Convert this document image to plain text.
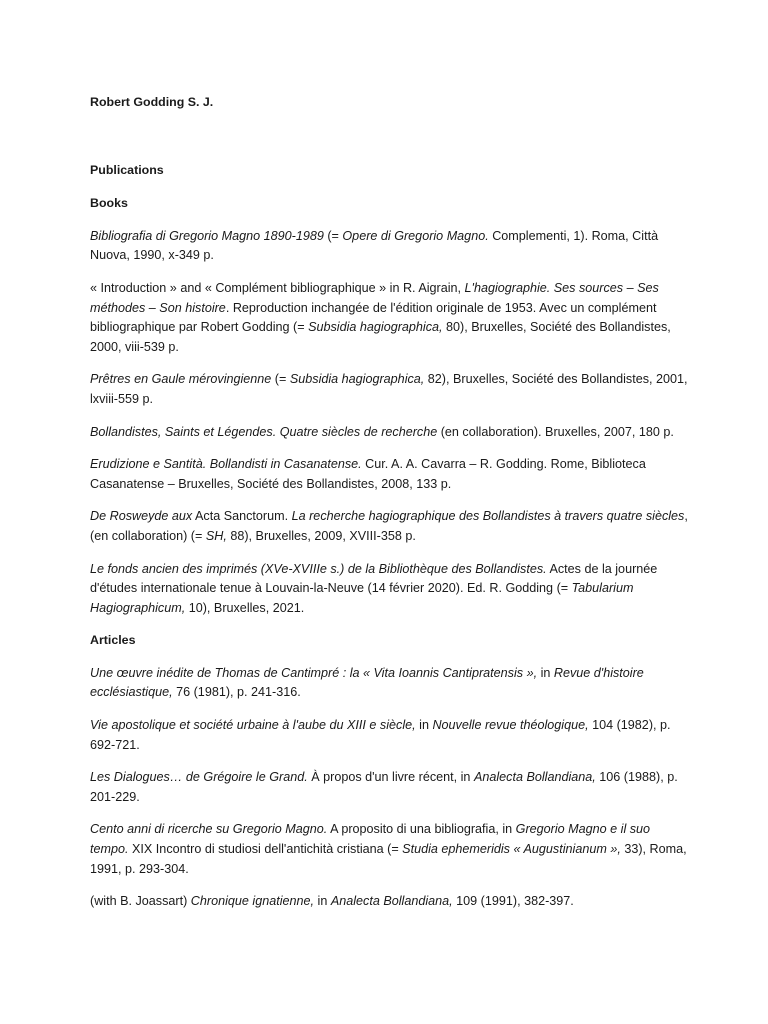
Robert Godding S. J.

Publications

Books

Bibliografia di Gregorio Magno 1890-1989 (= Opere di Gregorio Magno. Complementi, 1). Roma, Città Nuova, 1990, x-349 p.

« Introduction » and « Complément bibliographique » in R. Aigrain, L'hagiographie. Ses sources – Ses méthodes – Son histoire. Reproduction inchangée de l'édition originale de 1953. Avec un complément bibliographique par Robert Godding (= Subsidia hagiographica, 80), Bruxelles, Société des Bollandistes, 2000, viii-539 p.

Prêtres en Gaule mérovingienne (= Subsidia hagiographica, 82), Bruxelles, Société des Bollandistes, 2001, lxviii-559 p.

Bollandistes, Saints et Légendes. Quatre siècles de recherche (en collaboration). Bruxelles, 2007, 180 p.

Erudizione e Santità. Bollandisti in Casanatense. Cur. A. A. Cavarra – R. Godding. Rome, Biblioteca Casanatense – Bruxelles, Société des Bollandistes, 2008, 133 p.

De Rosweyde aux Acta Sanctorum. La recherche hagiographique des Bollandistes à travers quatre siècles, (en collaboration) (= SH, 88), Bruxelles, 2009, XVIII-358 p.

Le fonds ancien des imprimés (XVe-XVIIIe s.) de la Bibliothèque des Bollandistes. Actes de la journée d'études internationale tenue à Louvain-la-Neuve (14 février 2020). Ed. R. Godding (= Tabularium Hagiographicum, 10), Bruxelles, 2021.

Articles

Une œuvre inédite de Thomas de Cantimpré : la « Vita Ioannis Cantipratensis », in Revue d'histoire ecclésiastique, 76 (1981), p. 241-316.

Vie apostolique et société urbaine à l'aube du XIII e siècle, in Nouvelle revue théologique, 104 (1982), p. 692-721.

Les Dialogues… de Grégoire le Grand. À propos d'un livre récent, in Analecta Bollandiana, 106 (1988), p. 201-229.

Cento anni di ricerche su Gregorio Magno. A proposito di una bibliografia, in Gregorio Magno e il suo tempo. XIX Incontro di studiosi dell'antichità cristiana (= Studia ephemeridis « Augustinianum », 33), Roma, 1991, p. 293-304.

(with B. Joassart) Chronique ignatienne, in Analecta Bollandiana, 109 (1991), 382-397.
